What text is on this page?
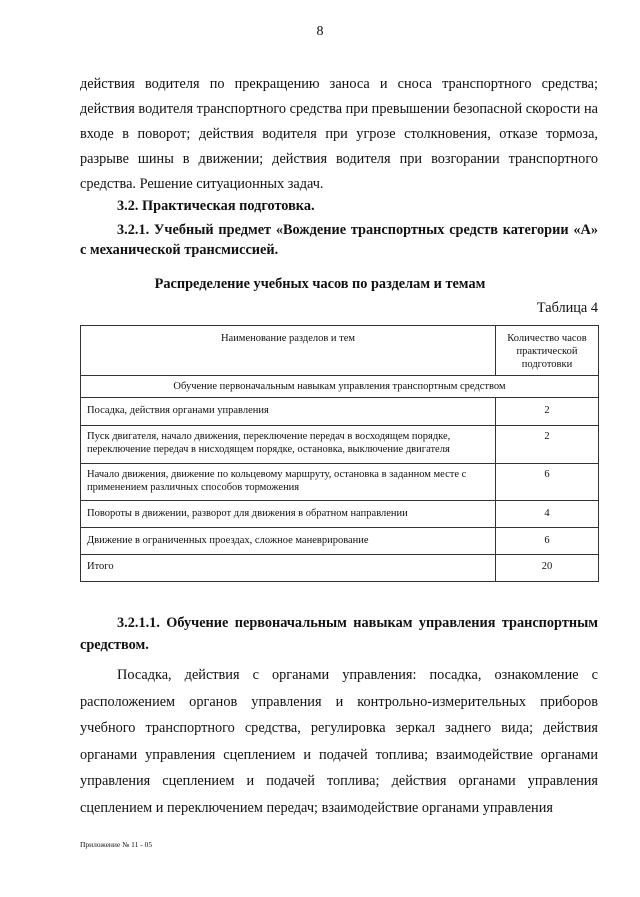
8
действия водителя по прекращению заноса и сноса транспортного средства; действия водителя транспортного средства при превышении безопасной скорости на входе в поворот; действия водителя при угрозе столкновения, отказе тормоза, разрыве шины в движении; действия водителя при возгорании транспортного средства. Решение ситуационных задач.
3.2. Практическая подготовка.
3.2.1. Учебный предмет «Вождение транспортных средств категории «А» с механической трансмиссией.
Распределение учебных часов по разделам и темам
Таблица 4
Наименование разделов и тем	Количество часов практической подготовки
Обучение первоначальным навыкам управления транспортным средством	
Посадка, действия органами управления	2
Пуск двигателя, начало движения, переключение передач в восходящем порядке, переключение передач в нисходящем порядке, остановка, выключение двигателя	2
Начало движения, движение по кольцевому маршруту, остановка в заданном месте с применением различных способов торможения	6
Повороты в движении, разворот для движения в обратном направлении	4
Движение в ограниченных проездах, сложное маневрирование	6
Итого	20
3.2.1.1. Обучение первоначальным навыкам управления транспортным средством.
Посадка, действия с органами управления: посадка, ознакомление с расположением органов управления и контрольно-измерительных приборов учебного транспортного средства, регулировка зеркал заднего вида; действия органами управления сцеплением и подачей топлива; взаимодействие органами управления сцеплением и подачей топлива; действия органами управления сцеплением и переключением передач; взаимодействие органами управления
Приложение № 11 - 05
